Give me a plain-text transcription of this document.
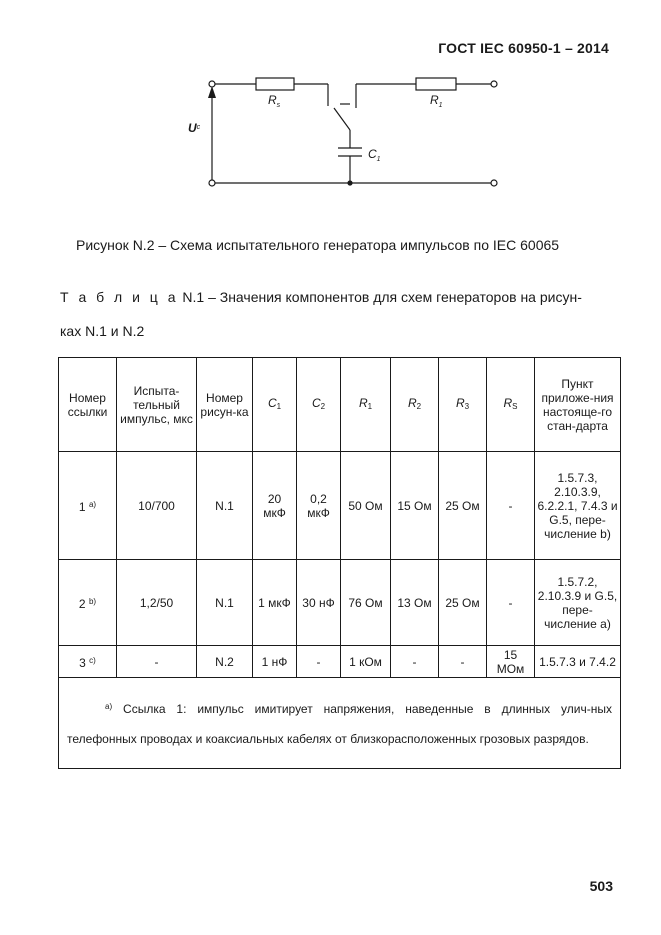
ГОСТ IEC 60950-1 – 2014
$U^c$
$R_s$	$R_1$
$C_1$
Рисунок N.2 – Схема испытательного генератора импульсов по IEC 60065
Т а б л и ц а N.1 – Значения компонентов для схем генераторов на рисун-
ках N.1 и N.2
Номер ссылки	Испыта-тельный импульс, мкс	Номер рисун-ка	$C_1$	$C_2$	$R_1$	$R_2$	$R_3$	$R_S$	Пункт приложе-ния настояще-го стан-дарта
1 $^{a)}$	10/700	N.1	20 мкФ	0,2 мкФ	50 Ом	15 Ом	25 Ом	-	1.5.7.3, 2.10.3.9, 6.2.2.1, 7.4.3 и G.5, пере-числение b)
2 $^{b)}$	1,2/50	N.1	1 мкФ	30 нФ	76 Ом	13 Ом	25 Ом	-	1.5.7.2, 2.10.3.9 и G.5, пере-числение a)
3 $^{c)}$	-	N.2	1 нФ	-	1 кОм	-	-	15 МОм	1.5.7.3 и 7.4.2

$^{a)}$ Ссылка 1: импульс имитирует напряжения, наведенные в длинных улич-ных телефонных проводах и коаксиальных кабелях от близкорасположенных грозовых разрядов.									
503
